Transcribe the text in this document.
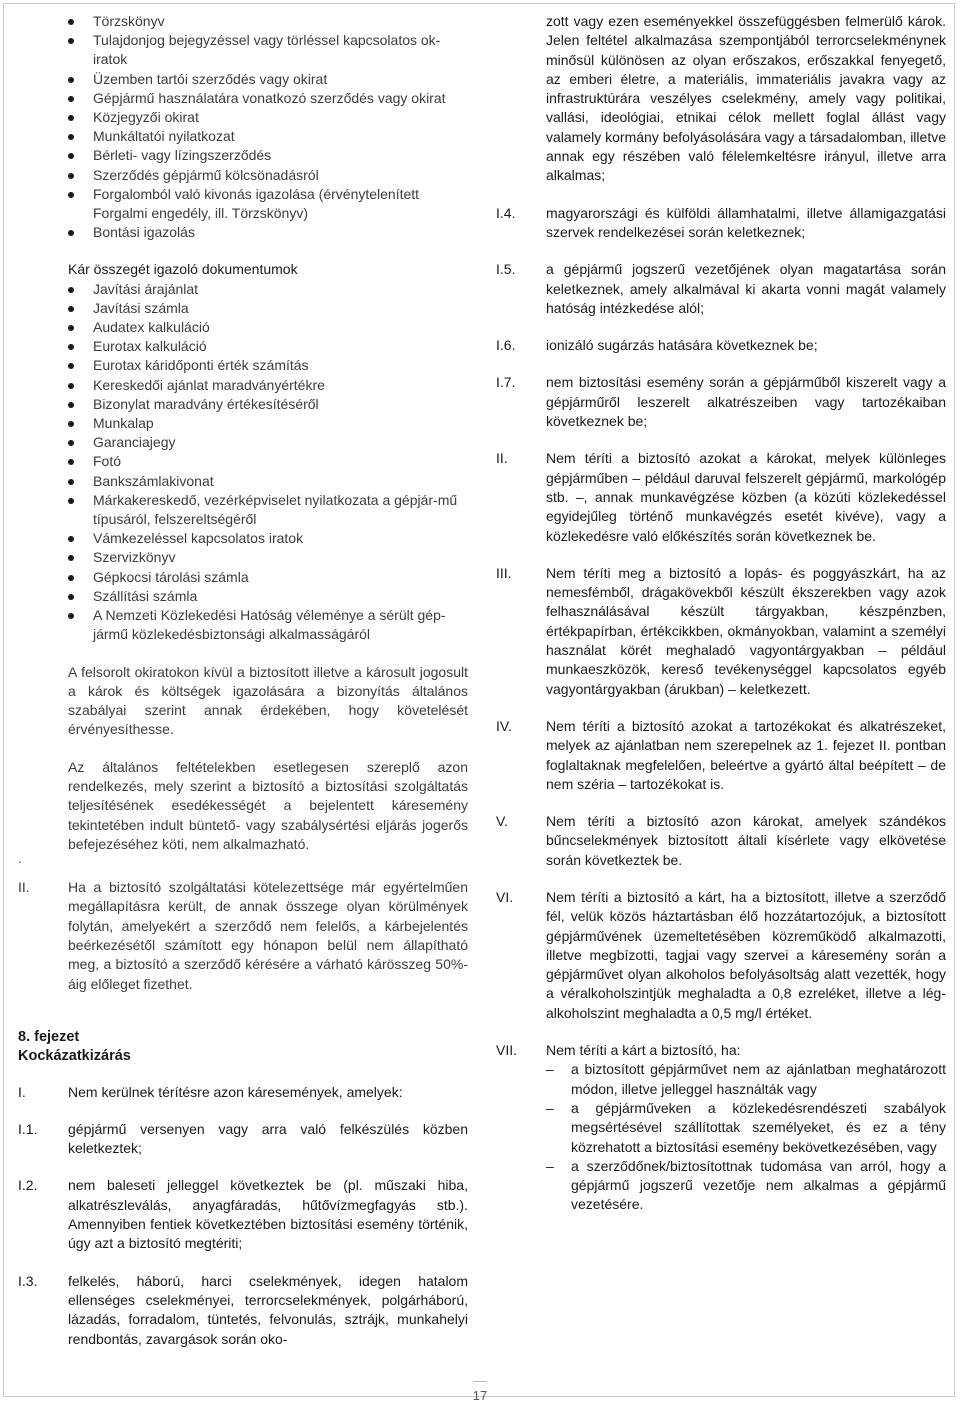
Törzskönyv
Tulajdonjog bejegyzéssel vagy törléssel kapcsolatos ok-iratok
Üzemben tartói szerződés vagy okirat
Gépjármű használatára vonatkozó szerződés vagy okirat
Közjegyzői okirat
Munkáltatói nyilatkozat
Bérleti- vagy lízingszerződés
Szerződés gépjármű kölcsönadásról
Forgalomból való kivonás igazolása (érvénytelenített Forgalmi engedély, ill. Törzskönyv)
Bontási igazolás
Kár összegét igazoló dokumentumok
Javítási árajánlat
Javítási számla
Audatex kalkuláció
Eurotax kalkuláció
Eurotax káridőponti érték számítás
Kereskedői ajánlat maradványértékre
Bizonylat maradvány értékesítéséről
Munkalap
Garanciajegy
Fotó
Bankszámlakivonat
Márkakereskedő, vezérképviselet nyilatkozata a gépjár-mű típusáról, felszereltségéről
Vámkezeléssel kapcsolatos iratok
Szervizkönyv
Gépkocsi tárolási számla
Szállítási számla
A Nemzeti Közlekedési Hatóság véleménye a sérült gép-jármű közlekedésbiztonsági alkalmasságáról
A felsorolt okiratokon kívül a biztosított illetve a károsult jogosult a károk és költségek igazolására a bizonyítás általános szabályai szerint annak érdekében, hogy követelését érvényesíthesse.
Az általános feltételekben esetlegesen szereplő azon rendelkezés, mely szerint a biztosító a biztosítási szolgáltatás teljesítésének esedékességét a bejelentett káresemény tekintetében indult büntető- vagy szabálysértési eljárás jogerős befejezéséhez köti, nem alkalmazható.
.
II.	Ha a biztosító szolgáltatási kötelezettsége már egyértelműen megállapításra került, de annak összege olyan körülmények folytán, amelyekért a szerződő nem felelős, a kárbejelentés beérkezésétől számított egy hónapon belül nem állapítható meg, a biztosító a szerződő kérésére a várható kárösszeg 50%-áig előleget fizethet.
8. fejezet
Kockázatkizárás
I.	Nem kerülnek térítésre azon káresemények, amelyek:
I.1.	gépjármű versenyen vagy arra való felkészülés közben keletkeztek;
I.2.	nem baleseti jelleggel következtek be (pl. műszaki hiba, alkatrészleválás, anyagfáradás, hűtővízmegfagyás stb.). Amennyiben fentiek következtében biztosítási esemény történik, úgy azt a biztosító megtériti;
I.3.	felkelés, háború, harci cselekmények, idegen hatalom ellenséges cselekményei, terrorcselekmények, polgárháború, lázadás, forradalom, tüntetés, felvonulás, sztrájk, munkahelyi rendbontás, zavargások során oko-
zott vagy ezen eseményekkel összefüggésben felmerülő károk. Jelen feltétel alkalmazása szempontjából terrorcselekménynek minősül különösen az olyan erőszakos, erőszakkal fenyegető, az emberi életre, a materiális, immateriális javakra vagy az infrastruktúrára veszélyes cselekmény, amely vagy politikai, vallási, ideológiai, etnikai célok mellett foglal állást vagy valamely kormány befolyásolására vagy a társadalomban, illetve annak egy részében való félelemkeltésre irányul, illetve arra alkalmas;
I.4.	magyarországi és külföldi államhatalmi, illetve államigazgatási szervek rendelkezései során keletkeznek;
I.5.	a gépjármű jogszerű vezetőjének olyan magatartása során keletkeznek, amely alkalmával ki akarta vonni magát valamely hatóság intézkedése alól;
I.6.	ionizáló sugárzás hatására következnek be;
I.7.	nem biztosítási esemény során a gépjárműből kiszerelt vagy a gépjárműről leszerelt alkatrészeiben vagy tartozékaiban következnek be;
II.	Nem téríti a biztosító azokat a károkat, melyek különleges gépjárműben – például daruval felszerelt gépjármű, markológép stb. –, annak munkavégzése közben (a közúti közlekedéssel egyidejűleg történő munkavégzés esetét kivéve), vagy a közlekedésre való előkészítés során következnek be.
III.	Nem téríti meg a biztosító a lopás- és poggyászkárt, ha az nemesfémből, drágakövekből készült ékszerekben vagy azok felhasználásával készült tárgyakban, készpénzben, értékpapírban, értékcikkben, okmányokban, valamint a személyi használat körét meghaladó vagyontárgyakban – például munkaeszközök, kereső tevékenységgel kapcsolatos egyéb vagyontárgyakban (árukban) – keletkezett.
IV.	Nem téríti a biztosító azokat a tartozékokat és alkatrészeket, melyek az ajánlatban nem szerepelnek az 1. fejezet II. pontban foglaltaknak megfelelően, beleértve a gyártó által beépített – de nem széria – tartozékokat is.
V.	Nem téríti a biztosító azon károkat, amelyek szándékos bűncselekmények biztosított általi kísérlete vagy elkövetése során következtek be.
VI.	Nem téríti a biztosító a kárt, ha a biztosított, illetve a szerződő fél, velük közös háztartásban élő hozzátartozójuk, a biztosított gépjárművének üzemeltetésében közreműködő alkalmazotti, illetve megbízotti, tagjai vagy szervei a káresemény során a gépjárművet olyan alkoholos befolyásoltság alatt vezették, hogy a véralkoholszintjük meghaladta a 0,8 ezreléket, illetve a lég-alkoholszint meghaladta a 0,5 mg/l értéket.
VII.	Nem téríti a kárt a biztosító, ha:
– a biztosított gépjárművet nem az ajánlatban meghatározott módon, illetve jelleggel használták vagy
– a gépjárműveken a közlekedésrendészeti szabályok megsértésével szállítottak személyeket, és ez a tény közrehatott a biztosítási esemény bekövetkezésében, vagy
– a szerződőnek/biztosítottnak tudomása van arról, hogy a gépjármű jogszerű vezetője nem alkalmas a gépjármű vezetésére.
17
